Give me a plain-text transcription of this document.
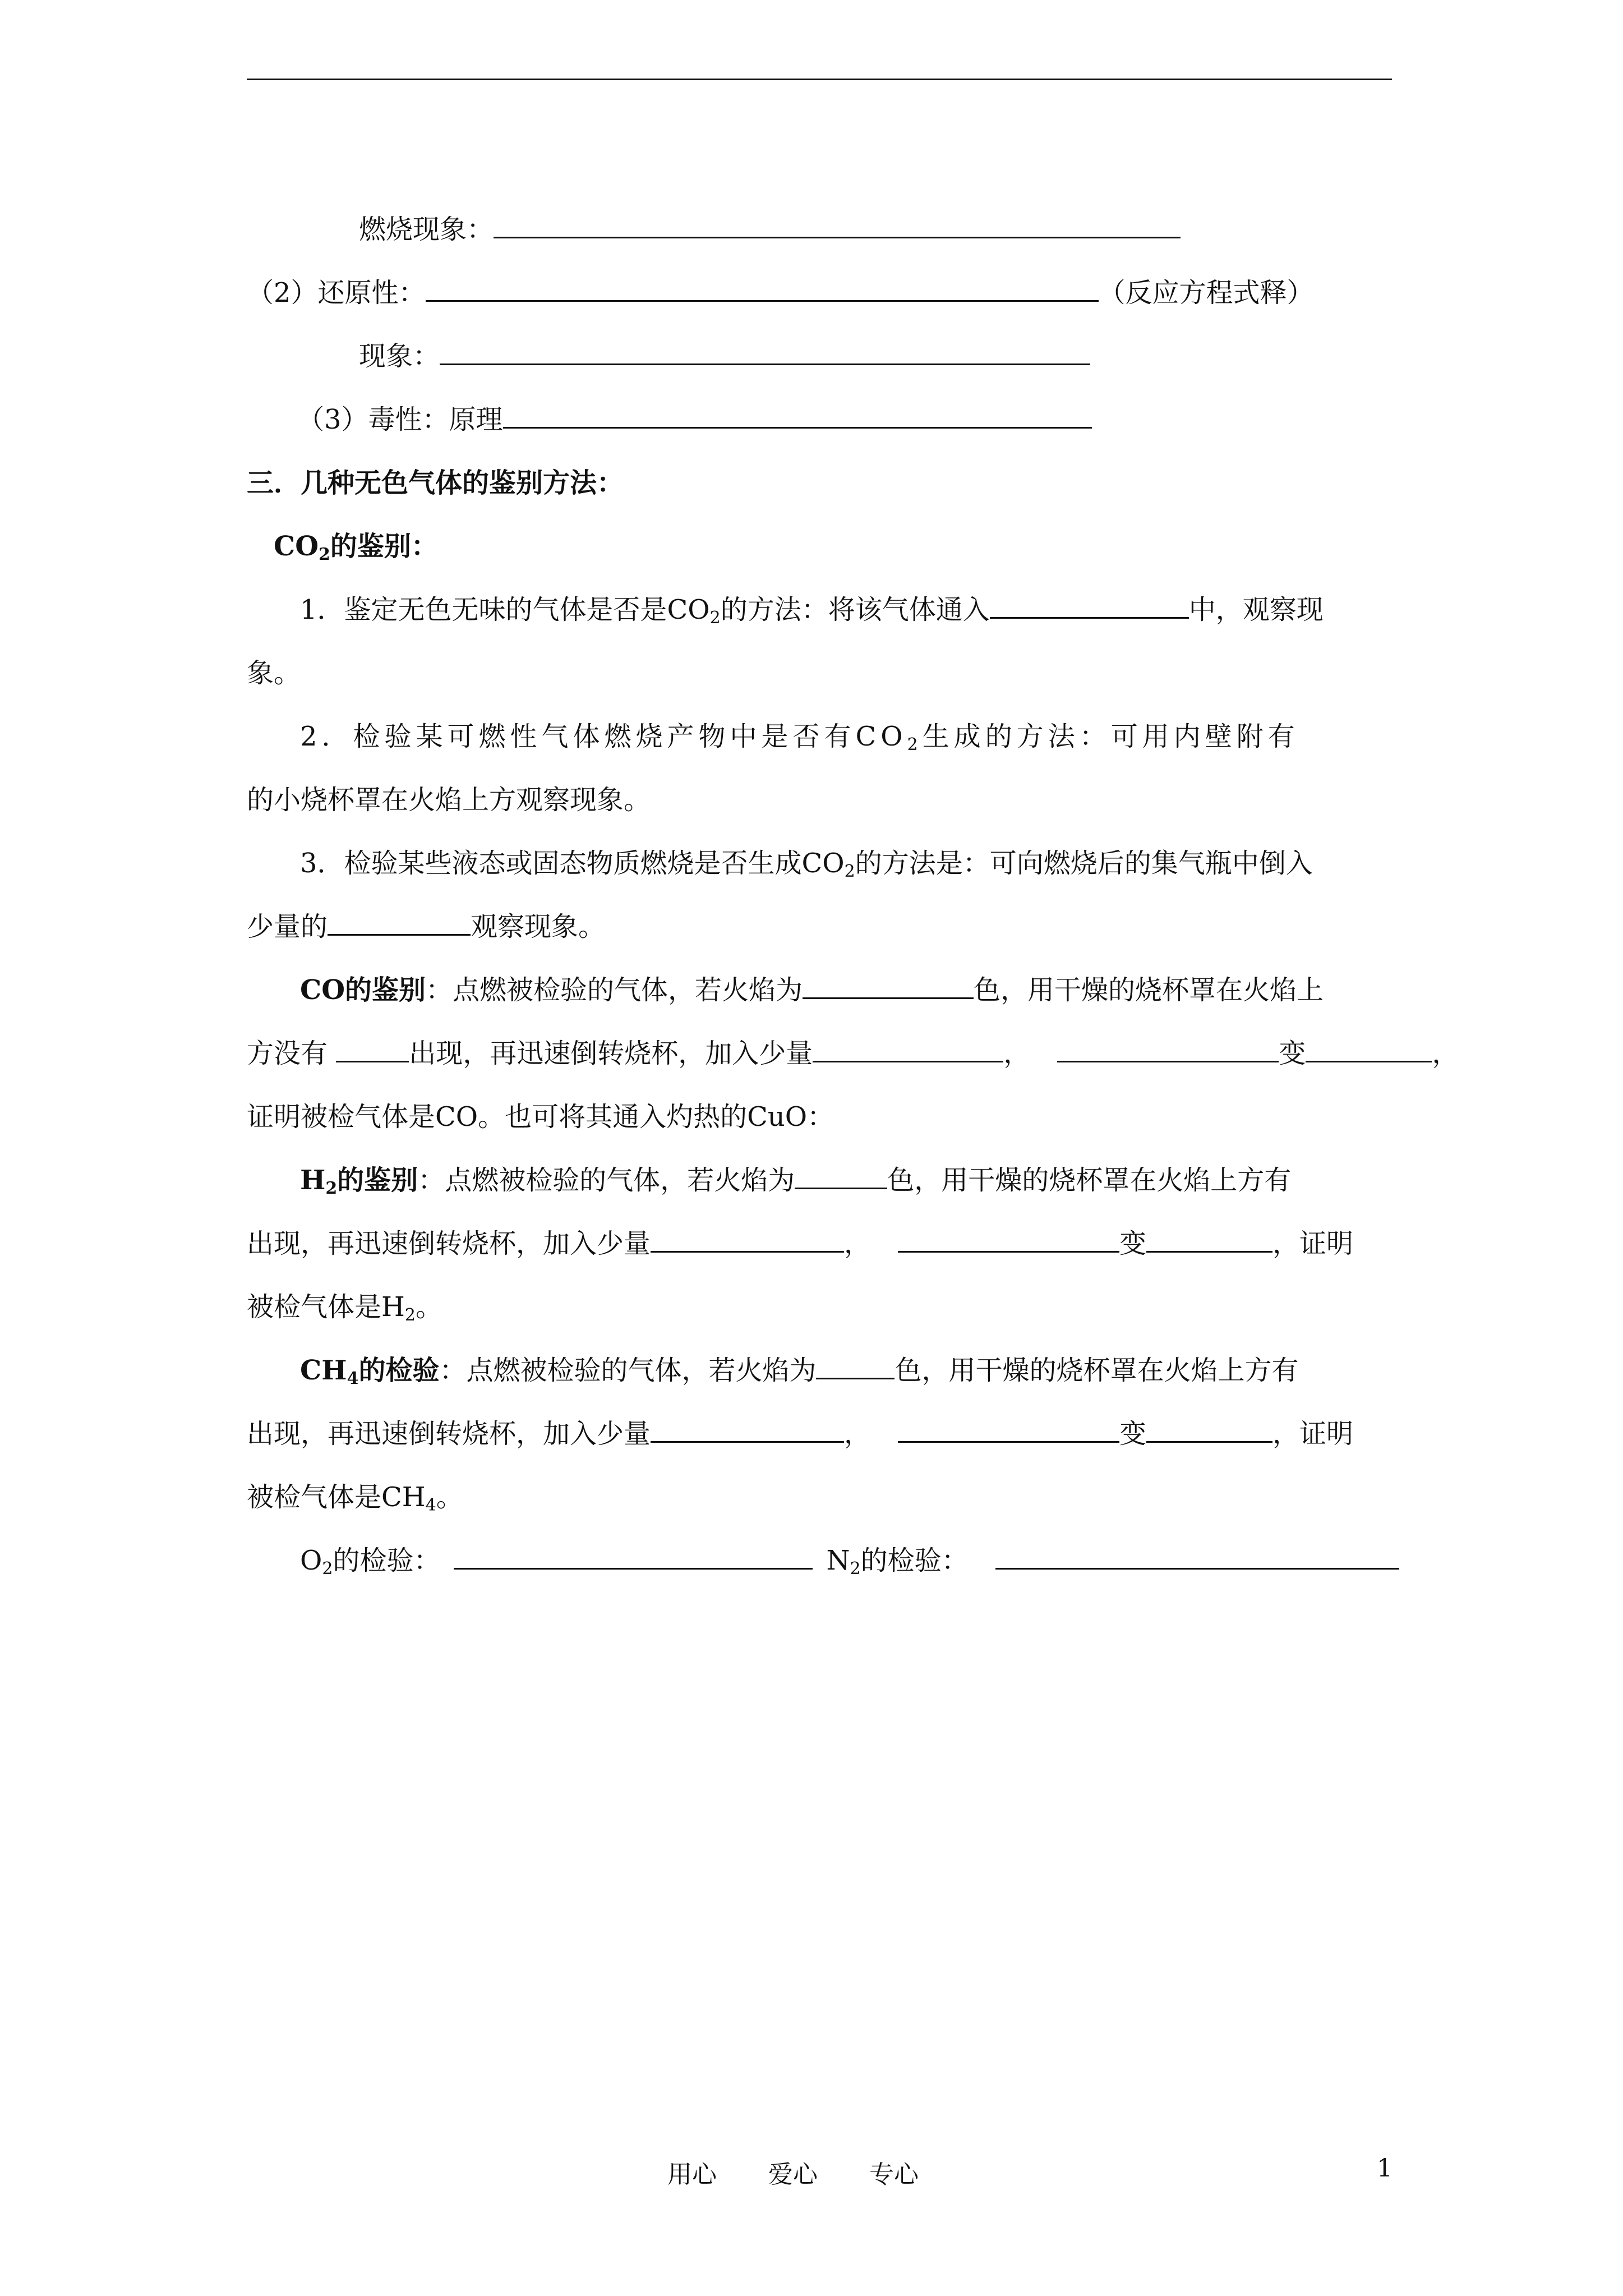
燃烧现象：
（2）还原性：	（反应方程式释）
现象：
（3）毒性：原理
三．几种无色气体的鉴别方法：
$CO_2$的鉴别：
1．鉴定无色无味的气体是否是$CO_2$的方法：将该气体通入	中，观察现
象。
2．检验某可燃性气体燃烧产物中是否有$CO_2$生成的方法：可用内壁附有
的小烧杯罩在火焰上方观察现象。
3．检验某些液态或固态物质燃烧是否生成$CO_2$的方法是：可向燃烧后的集气瓶中倒入
少量的	观察现象。
CO的鉴别：点燃被检验的气体，若火焰为	色，用干燥的烧杯罩在火焰上
方没有	出现，再迅速倒转烧杯，加入少量	，	变	，
证明被检气体是CO。也可将其通入灼热的CuO：
$H_2$的鉴别：点燃被检验的气体，若火焰为	色，用干燥的烧杯罩在火焰上方有
出现，再迅速倒转烧杯，加入少量	，	变	，证明
被检气体是$H_2$。
$CH_4$的检验：点燃被检验的气体，若火焰为	色，用干燥的烧杯罩在火焰上方有
出现，再迅速倒转烧杯，加入少量	，	变	，证明
被检气体是$CH_4$。
$O_2$的检验：	$N_2$的检验：
用心 爱心 专心	1
